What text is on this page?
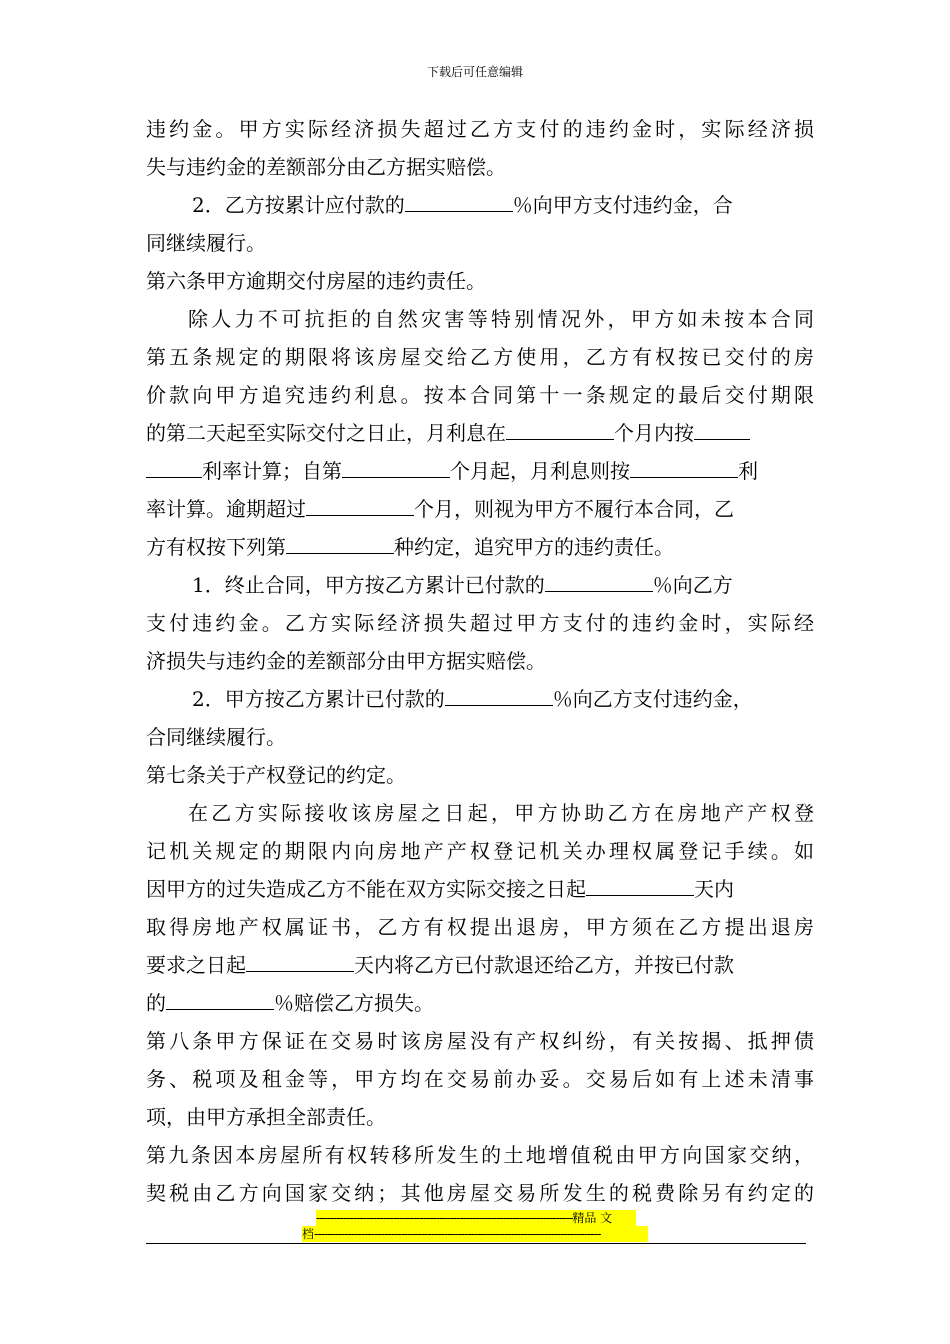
下载后可任意编辑
违约金。甲方实际经济损失超过乙方支付的违约金时，实际经济损
失与违约金的差额部分由乙方据实赔偿。
2．乙方按累计应付款的	％向甲方支付违约金，合
同继续履行。
第六条甲方逾期交付房屋的违约责任。
除人力不可抗拒的自然灾害等特别情况外，甲方如未按本合同
第五条规定的期限将该房屋交给乙方使用，乙方有权按已交付的房
价款向甲方追究违约利息。按本合同第十一条规定的最后交付期限
的第二天起至实际交付之日止，月利息在	个月内按
利率计算；自第	个月起，月利息则按	利
率计算。逾期超过	个月，则视为甲方不履行本合同，乙
方有权按下列第	种约定，追究甲方的违约责任。
1．终止合同，甲方按乙方累计已付款的	％向乙方
支付违约金。乙方实际经济损失超过甲方支付的违约金时，实际经
济损失与违约金的差额部分由甲方据实赔偿。
2．甲方按乙方累计已付款的	％向乙方支付违约金，
合同继续履行。
第七条关于产权登记的约定。
在乙方实际接收该房屋之日起，甲方协助乙方在房地产产权登
记机关规定的期限内向房地产产权登记机关办理权属登记手续。如
因甲方的过失造成乙方不能在双方实际交接之日起	天内
取得房地产权属证书，乙方有权提出退房，甲方须在乙方提出退房
要求之日起	天内将乙方已付款退还给乙方，并按已付款
的	％赔偿乙方损失。
第八条甲方保证在交易时该房屋没有产权纠纷，有关按揭、抵押债
务、税项及租金等，甲方均在交易前办妥。交易后如有上述未清事
项，由甲方承担全部责任。
第九条因本房屋所有权转移所发生的土地增值税由甲方向国家交纳，
契税由乙方向国家交纳；其他房屋交易所发生的税费除另有约定的
-----------------------------------------------------------------------------精品 文
档--------------------------------------------------------------------------------------
